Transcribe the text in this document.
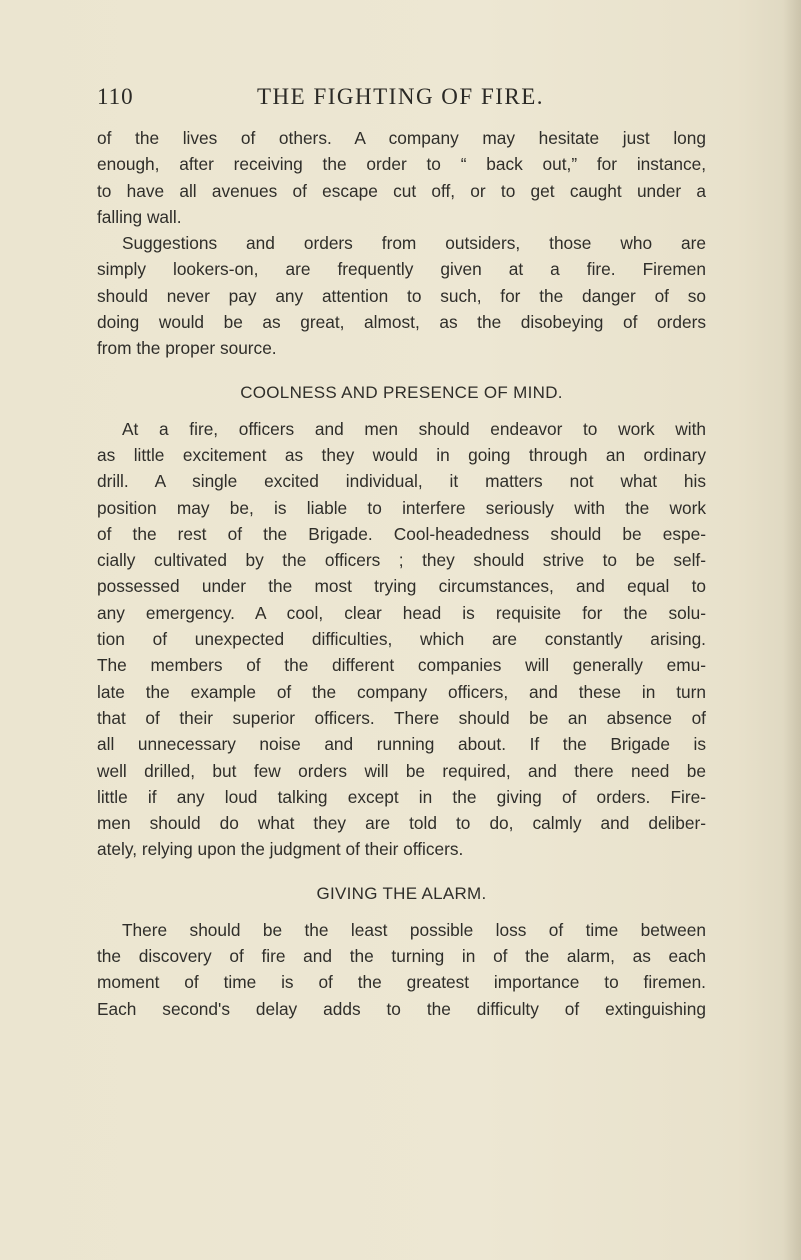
110	THE FIGHTING OF FIRE.
of the lives of others. A company may hesitate just long
enough, after receiving the order to “ back out,” for instance,
to have all avenues of escape cut off, or to get caught under a
falling wall.
Suggestions and orders from outsiders, those who are
simply lookers-on, are frequently given at a fire. Firemen
should never pay any attention to such, for the danger of so
doing would be as great, almost, as the disobeying of orders
from the proper source.
COOLNESS AND PRESENCE OF MIND.
At a fire, officers and men should endeavor to work with
as little excitement as they would in going through an ordinary
drill. A single excited individual, it matters not what his
position may be, is liable to interfere seriously with the work
of the rest of the Brigade. Cool-headedness should be espe-
cially cultivated by the officers ; they should strive to be self-
possessed under the most trying circumstances, and equal to
any emergency. A cool, clear head is requisite for the solu-
tion of unexpected difficulties, which are constantly arising.
The members of the different companies will generally emu-
late the example of the company officers, and these in turn
that of their superior officers. There should be an absence of
all unnecessary noise and running about. If the Brigade is
well drilled, but few orders will be required, and there need be
little if any loud talking except in the giving of orders. Fire-
men should do what they are told to do, calmly and deliber-
ately, relying upon the judgment of their officers.
GIVING THE ALARM.
There should be the least possible loss of time between
the discovery of fire and the turning in of the alarm, as each
moment of time is of the greatest importance to firemen.
Each second's delay adds to the difficulty of extinguishing
